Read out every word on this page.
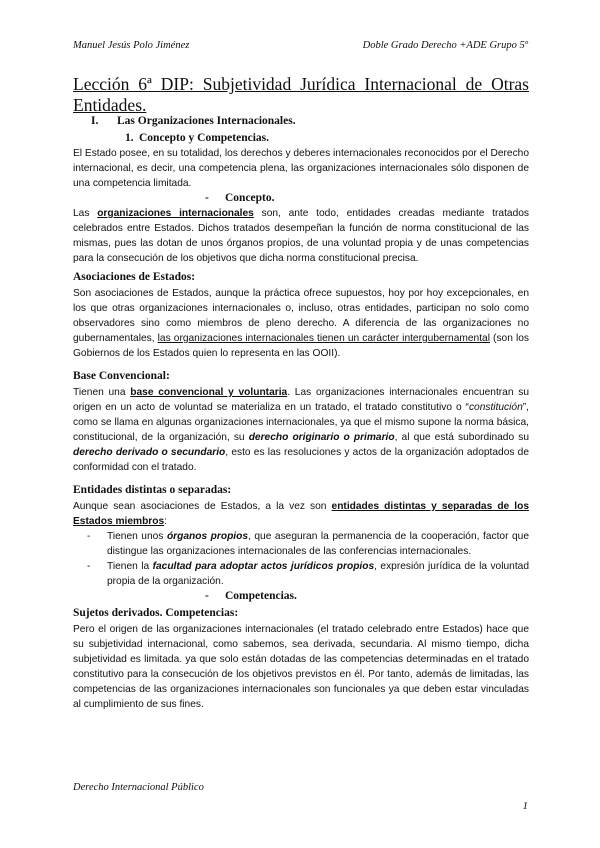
Manuel Jesús Polo Jiménez	Doble Grado Derecho +ADE Grupo 5º
Lección 6ª DIP: Subjetividad Jurídica Internacional de Otras Entidades.
I. Las Organizaciones Internacionales.
1. Concepto y Competencias.

El Estado posee, en su totalidad, los derechos y deberes internacionales reconocidos por el Derecho internacional, es decir, una competencia plena, las organizaciones internacionales sólo disponen de una competencia limitada.

- Concepto.

Las organizaciones internacionales son, ante todo, entidades creadas mediante tratados celebrados entre Estados. Dichos tratados desempeñan la función de norma constitucional de las mismas, pues las dotan de unos órganos propios, de una voluntad propia y de unas competencias para la consecución de los objetivos que dicha norma constitucional precisa.

Asociaciones de Estados:

Son asociaciones de Estados, aunque la práctica ofrece supuestos, hoy por hoy excepcionales, en los que otras organizaciones internacionales o, incluso, otras entidades, participan no solo como observadores sino como miembros de pleno derecho. A diferencia de las organizaciones no gubernamentales, las organizaciones internacionales tienen un carácter intergubernamental (son los Gobiernos de los Estados quien lo representa en las OOII).

Base Convencional:

Tienen una base convencional y voluntaria. Las organizaciones internacionales encuentran su origen en un acto de voluntad se materializa en un tratado, el tratado constitutivo o “constitución”, como se llama en algunas organizaciones internacionales, ya que el mismo supone la norma básica, constitucional, de la organización, su derecho originario o primario, al que está subordinado su derecho derivado o secundario, esto es las resoluciones y actos de la organización adoptados de conformidad con el tratado.

Entidades distintas o separadas:

Aunque sean asociaciones de Estados, a la vez son entidades distintas y separadas de los Estados miembros:

- Tienen unos órganos propios, que aseguran la permanencia de la cooperación, factor que distingue las organizaciones internacionales de las conferencias internacionales.
- Tienen la facultad para adoptar actos jurídicos propios, expresión jurídica de la voluntad propia de la organización.
- Competencias.
Sujetos derivados. Competencias:

Pero el origen de las organizaciones internacionales (el tratado celebrado entre Estados) hace que su subjetividad internacional, como sabemos, sea derivada, secundaria. Al mismo tiempo, dicha subjetividad es limitada. ya que solo están dotadas de las competencias determinadas en el tratado constitutivo para la consecución de los objetivos previstos en él. Por tanto, además de limitadas, las competencias de las organizaciones internacionales son funcionales ya que deben estar vinculadas al cumplimiento de sus fines.

Derecho Internacional Público
1
